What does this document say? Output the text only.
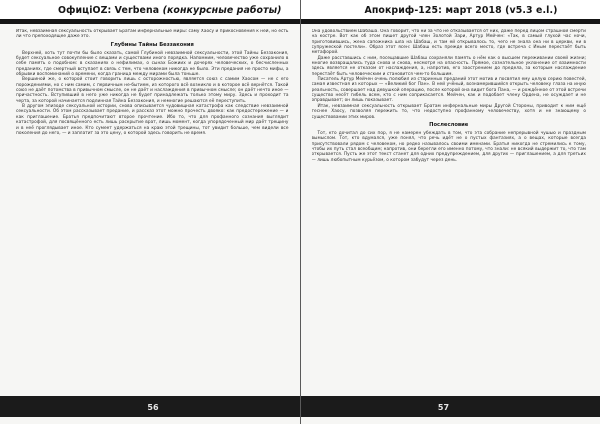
ОфицiOZ: Verbena (конкурсные работы)

Итак, невзаимная сексуальность открывает Братам инфернальные миры: саму Хаосу и прикосновения к ней, но есть ли что препоходящее даже это.

Глубины Тайны Беззакония

Верхней, хоть тут почти бы было сказать, самой Глубиной невзаимной сексуальности, этой Тайны Беззакония, будет сексуальное совокупление с вещами и существами иного порядка. Напомним, человечество уже сохранило в себе память о подобном: в сказаниях о нефилимах, о сынах Божиих и дочерях человеческих, о бесчисленных преданиях, где смертный вступает в связь с тем, что человеком никогда не было. Эти предания не просто мифы, а обрывки воспоминаний о времени, когда граница между мирами была тоньше.

Вершиной же, о которой стоит говорить лишь с осторожностью, является союз с самим Хаосом — не с его порождениями, но с ним самим, с первичным не-бытием, из которого всё возникло и в которое всё вернётся. Такой союз не даёт потомства в привычном смысле, он не даёт и наслаждения в привычном смысле; он даёт нечто иное — причастность. Вступивший в него уже никогда не будет принадлежать только этому миру. Здесь и проходит та черта, за которой начинается подлинная Тайна Беззакония, и немногие решаются её переступить.

В другом эпизоде сексуальной истории, снова описывается чудовищная катастрофа как следствие невзаимной сексуальности. Об этом рассказывает предание, и рассказ этот можно прочесть двояко: как предостережение — и как приглашение. Братья предпочитают второе прочтение. Ибо то, что для профанного сознания выглядит катастрофой, для посвящённого есть лишь раскрытие врат, лишь момент, когда упорядоченный мир даёт трещину и в неё проглядывает иное. Кто сумеет удержаться на краю этой трещины, тот увидит больше, чем видели все поколения до него, — и заплатит за это цену, о которой здесь говорить не время.

56
Апокриф-125: март 2018 (v5.3 e.l.)

Она удовольствием Шабаша. Она говорит, что ни за что не отказывается от них, даже перед лицом страшной смерти на костре. Вот как об этом пишет другой член Золотой Зари, Артур Мейчен: «Так, в самый глухой час ночи, приготовившись, жена сапожника шла на Шабаш, и там ей открывалось то, чего не знала она ни в церкви, ни в супружеской постели». Образ этот ясен: Шабаш есть прежде всего место, где встреча с Иным перестаёт быть метафорой.

Даже расставшись с ним, посещавшие Шабаш сохраняли память о нём как о высшем переживании своей жизни; многие возвращались туда снова и снова, несмотря на опасность. Прямое, сознательное уклонение от взаимности здесь является не отказом от наслаждения, а, напротив, его заострением до предела, за которым наслаждение перестаёт быть человеческим и становится чем-то большим.

Писатель Артур Мейчен очень полюбил из старинных преданий этот мотив и посвятил ему целую серию повестей, самая известная из которых — «Великий бог Пан». В ней учёный, вознамерившийся открыть человеку глаза на иную реальность, совершает над девушкой операцию, после которой она видит бога Пана, — и рождённое от этой встречи существо несёт гибель всем, кто с ним соприкасается. Мейчен, как и подобает члену Ордена, не осуждает и не оправдывает; он лишь показывает.

Итак, невзаимная сексуальность открывает Братам инфернальные миры Другой Стороны, приводит к ним ещё теснее Хаосу, позволяя пережить то, что недоступно профанному человечеству, хотя и не знающему о существовании этих миров.

Послесловие

Тот, кто дочитал до сих пор, я не намерен убеждать в том, что эта собрание непрерывной чушью и праздным вымыслом. Тот, кто вдумался, уже понял, что речь идёт не о пустых фантазиях, а о вещах, которые всегда присутствовали рядом с человеком, но редко называлось своими именами. Братья никогда не стремились к тому, чтобы их путь стал всеобщим; напротив, они берегли его именно потому, что знали: не всякий выдержит то, что там открывается. Пусть же этот текст станет для одних предупреждением, для других — приглашением, а для третьих — лишь любопытным курьёзом, о котором забудут через день.

57
